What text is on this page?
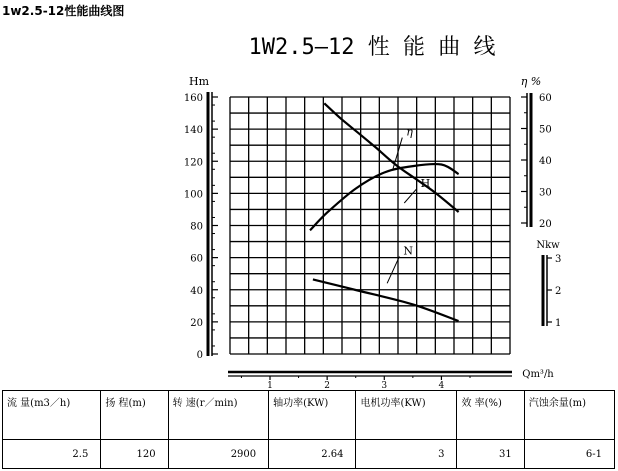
1w2.5-12性能曲线图
1W2.5—12 性 能 曲 线
0
20
40
60
80
100
120
140
160
Hm
20
30
40
50
60
η %
1
2
3
Nkw
1	2	3	4
Qm³/h
η
H
N
流 量(m3／h)	扬 程(m)	转 速(r／min)	轴功率(KW)	电机功率(KW)	效 率(%)	汽蚀余量(m)
2.5	120	2900	2.64	3	31	6-1
